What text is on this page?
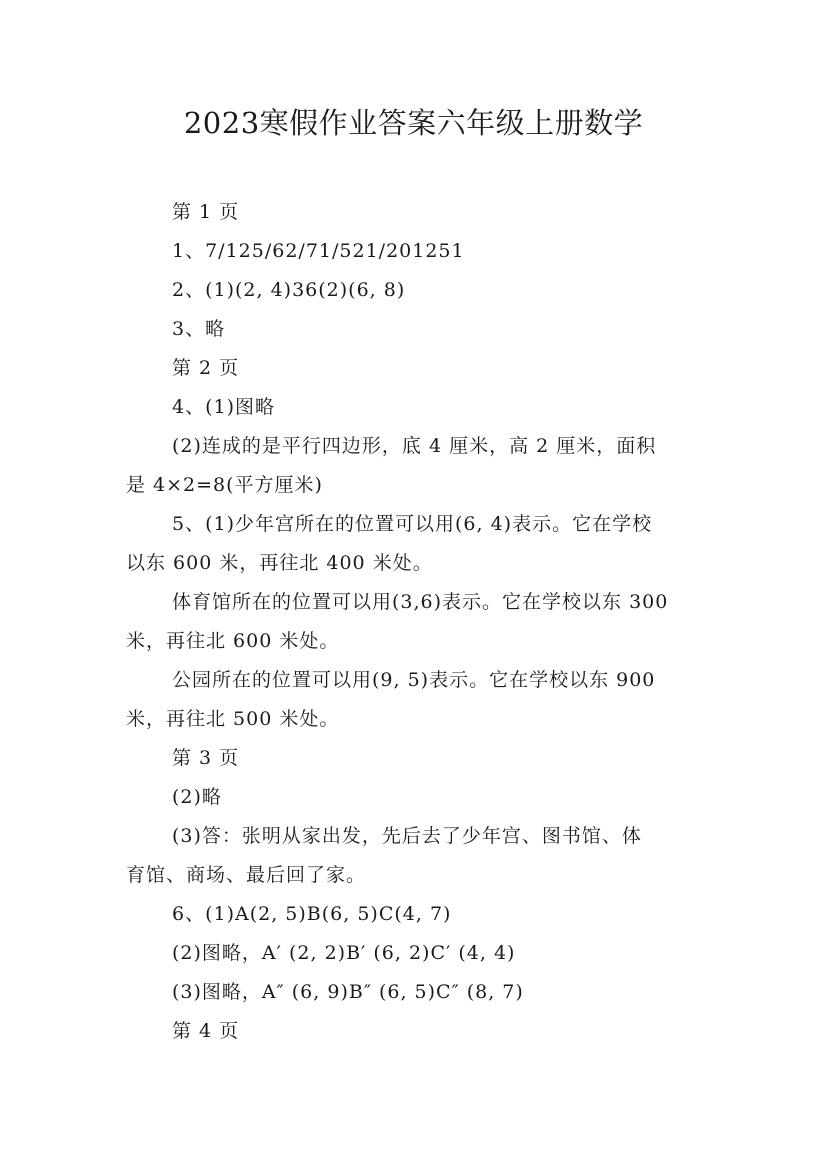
2023寒假作业答案六年级上册数学
第 1 页
1、7/125/62/71/521/201251
2、(1)(2, 4)36(2)(6, 8)
3、略
第 2 页
4、(1)图略
(2)连成的是平行四边形，底 4 厘米，高 2 厘米，面积
是 4×2=8(平方厘米)
5、(1)少年宫所在的位置可以用(6, 4)表示。它在学校
以东 600 米，再往北 400 米处。
体育馆所在的位置可以用(3,6)表示。它在学校以东 300
米，再往北 600 米处。
公园所在的位置可以用(9, 5)表示。它在学校以东 900
米，再往北 500 米处。
第 3 页
(2)略
(3)答：张明从家出发，先后去了少年宫、图书馆、体
育馆、商场、最后回了家。
6、(1)A(2, 5)B(6, 5)C(4, 7)
(2)图略，A′ (2, 2)B′ (6, 2)C′ (4, 4)
(3)图略，A″ (6, 9)B″ (6, 5)C″ (8, 7)
第 4 页
